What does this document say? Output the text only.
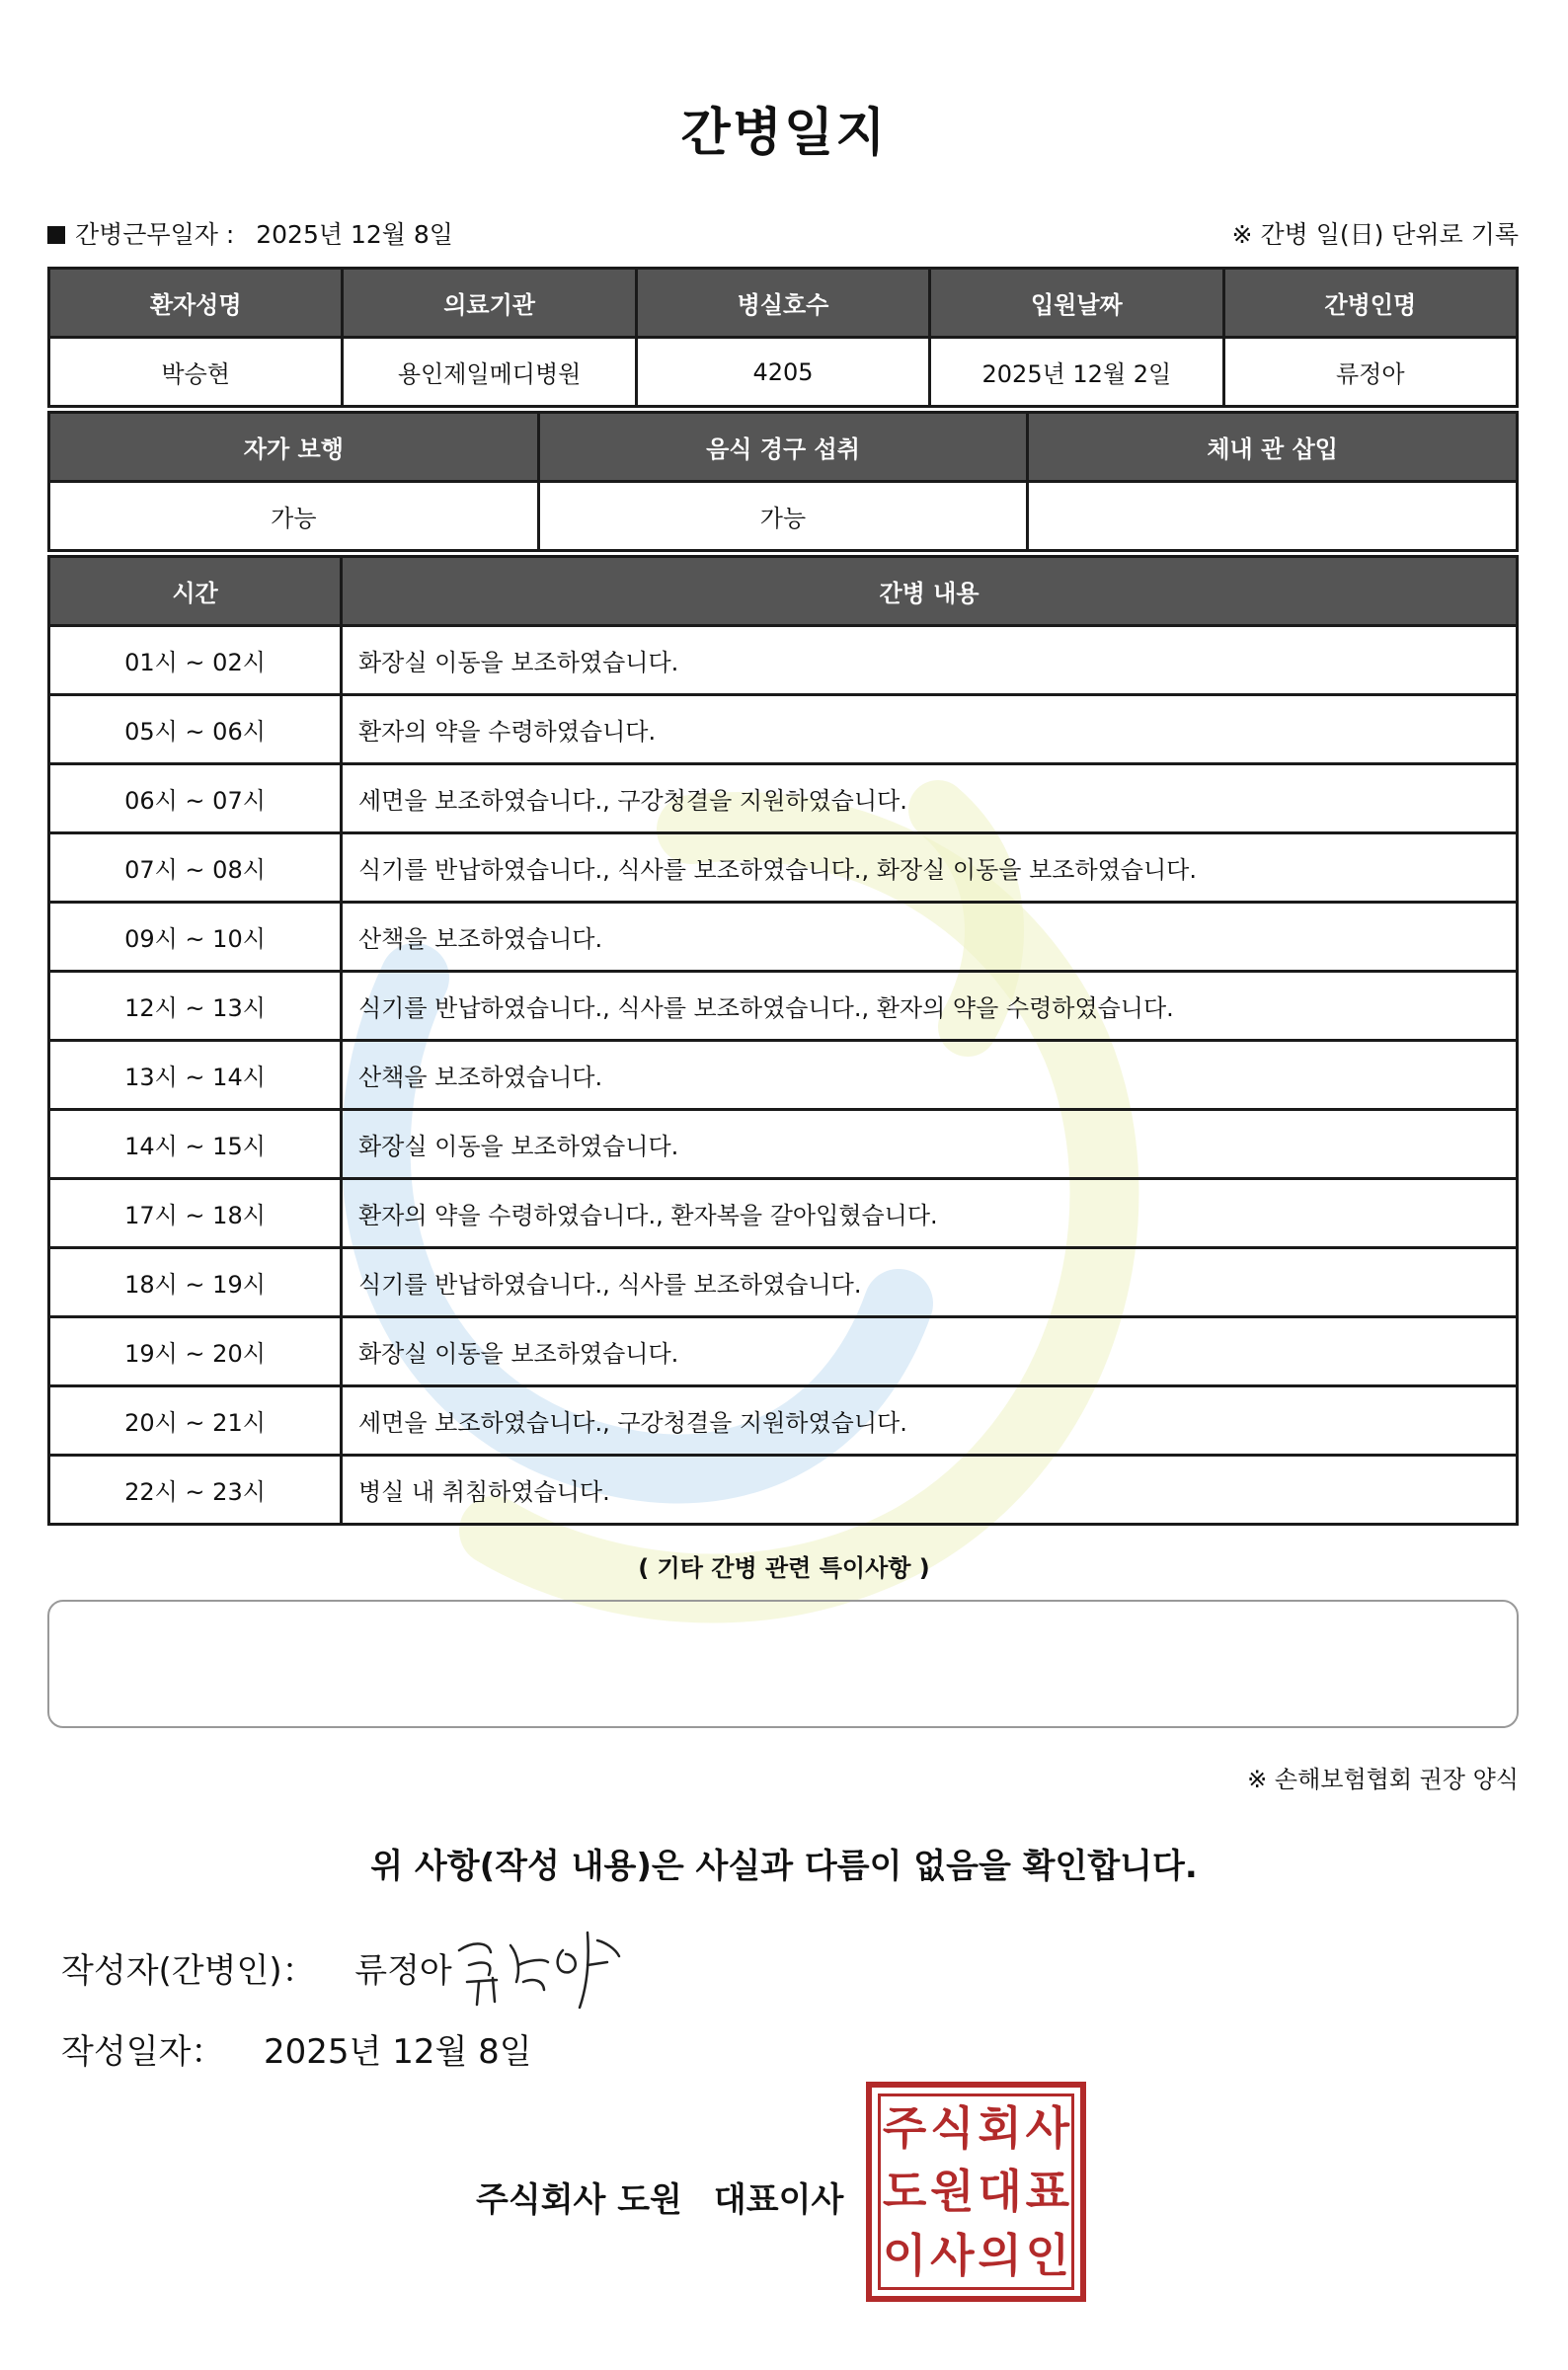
간병일지
간병근무일자 : 2025년 12월 8일	※ 간병 일(日) 단위로 기록
환자성명	의료기관	병실호수	입원날짜	간병인명
박승현	용인제일메디병원	4205	2025년 12월 2일	류정아
자가 보행	음식 경구 섭취	체내 관 삽입
가능	가능	
시간	간병 내용
01시 ~ 02시	화장실 이동을 보조하였습니다.
05시 ~ 06시	환자의 약을 수령하였습니다.
06시 ~ 07시	세면을 보조하였습니다., 구강청결을 지원하였습니다.
07시 ~ 08시	식기를 반납하였습니다., 식사를 보조하였습니다., 화장실 이동을 보조하였습니다.
09시 ~ 10시	산책을 보조하였습니다.
12시 ~ 13시	식기를 반납하였습니다., 식사를 보조하였습니다., 환자의 약을 수령하였습니다.
13시 ~ 14시	산책을 보조하였습니다.
14시 ~ 15시	화장실 이동을 보조하였습니다.
17시 ~ 18시	환자의 약을 수령하였습니다., 환자복을 갈아입혔습니다.
18시 ~ 19시	식기를 반납하였습니다., 식사를 보조하였습니다.
19시 ~ 20시	화장실 이동을 보조하였습니다.
20시 ~ 21시	세면을 보조하였습니다., 구강청결을 지원하였습니다.
22시 ~ 23시	병실 내 취침하였습니다.
( 기타 간병 관련 특이사항 )
※ 손해보험협회 권장 양식
위 사항(작성 내용)은 사실과 다름이 없음을 확인합니다.
작성자(간병인)： 류정아
작성일자： 2025년 12월 8일
주식회사 도원 대표이사
주 식 회 사
도 원 대 표
이 사 의 인
